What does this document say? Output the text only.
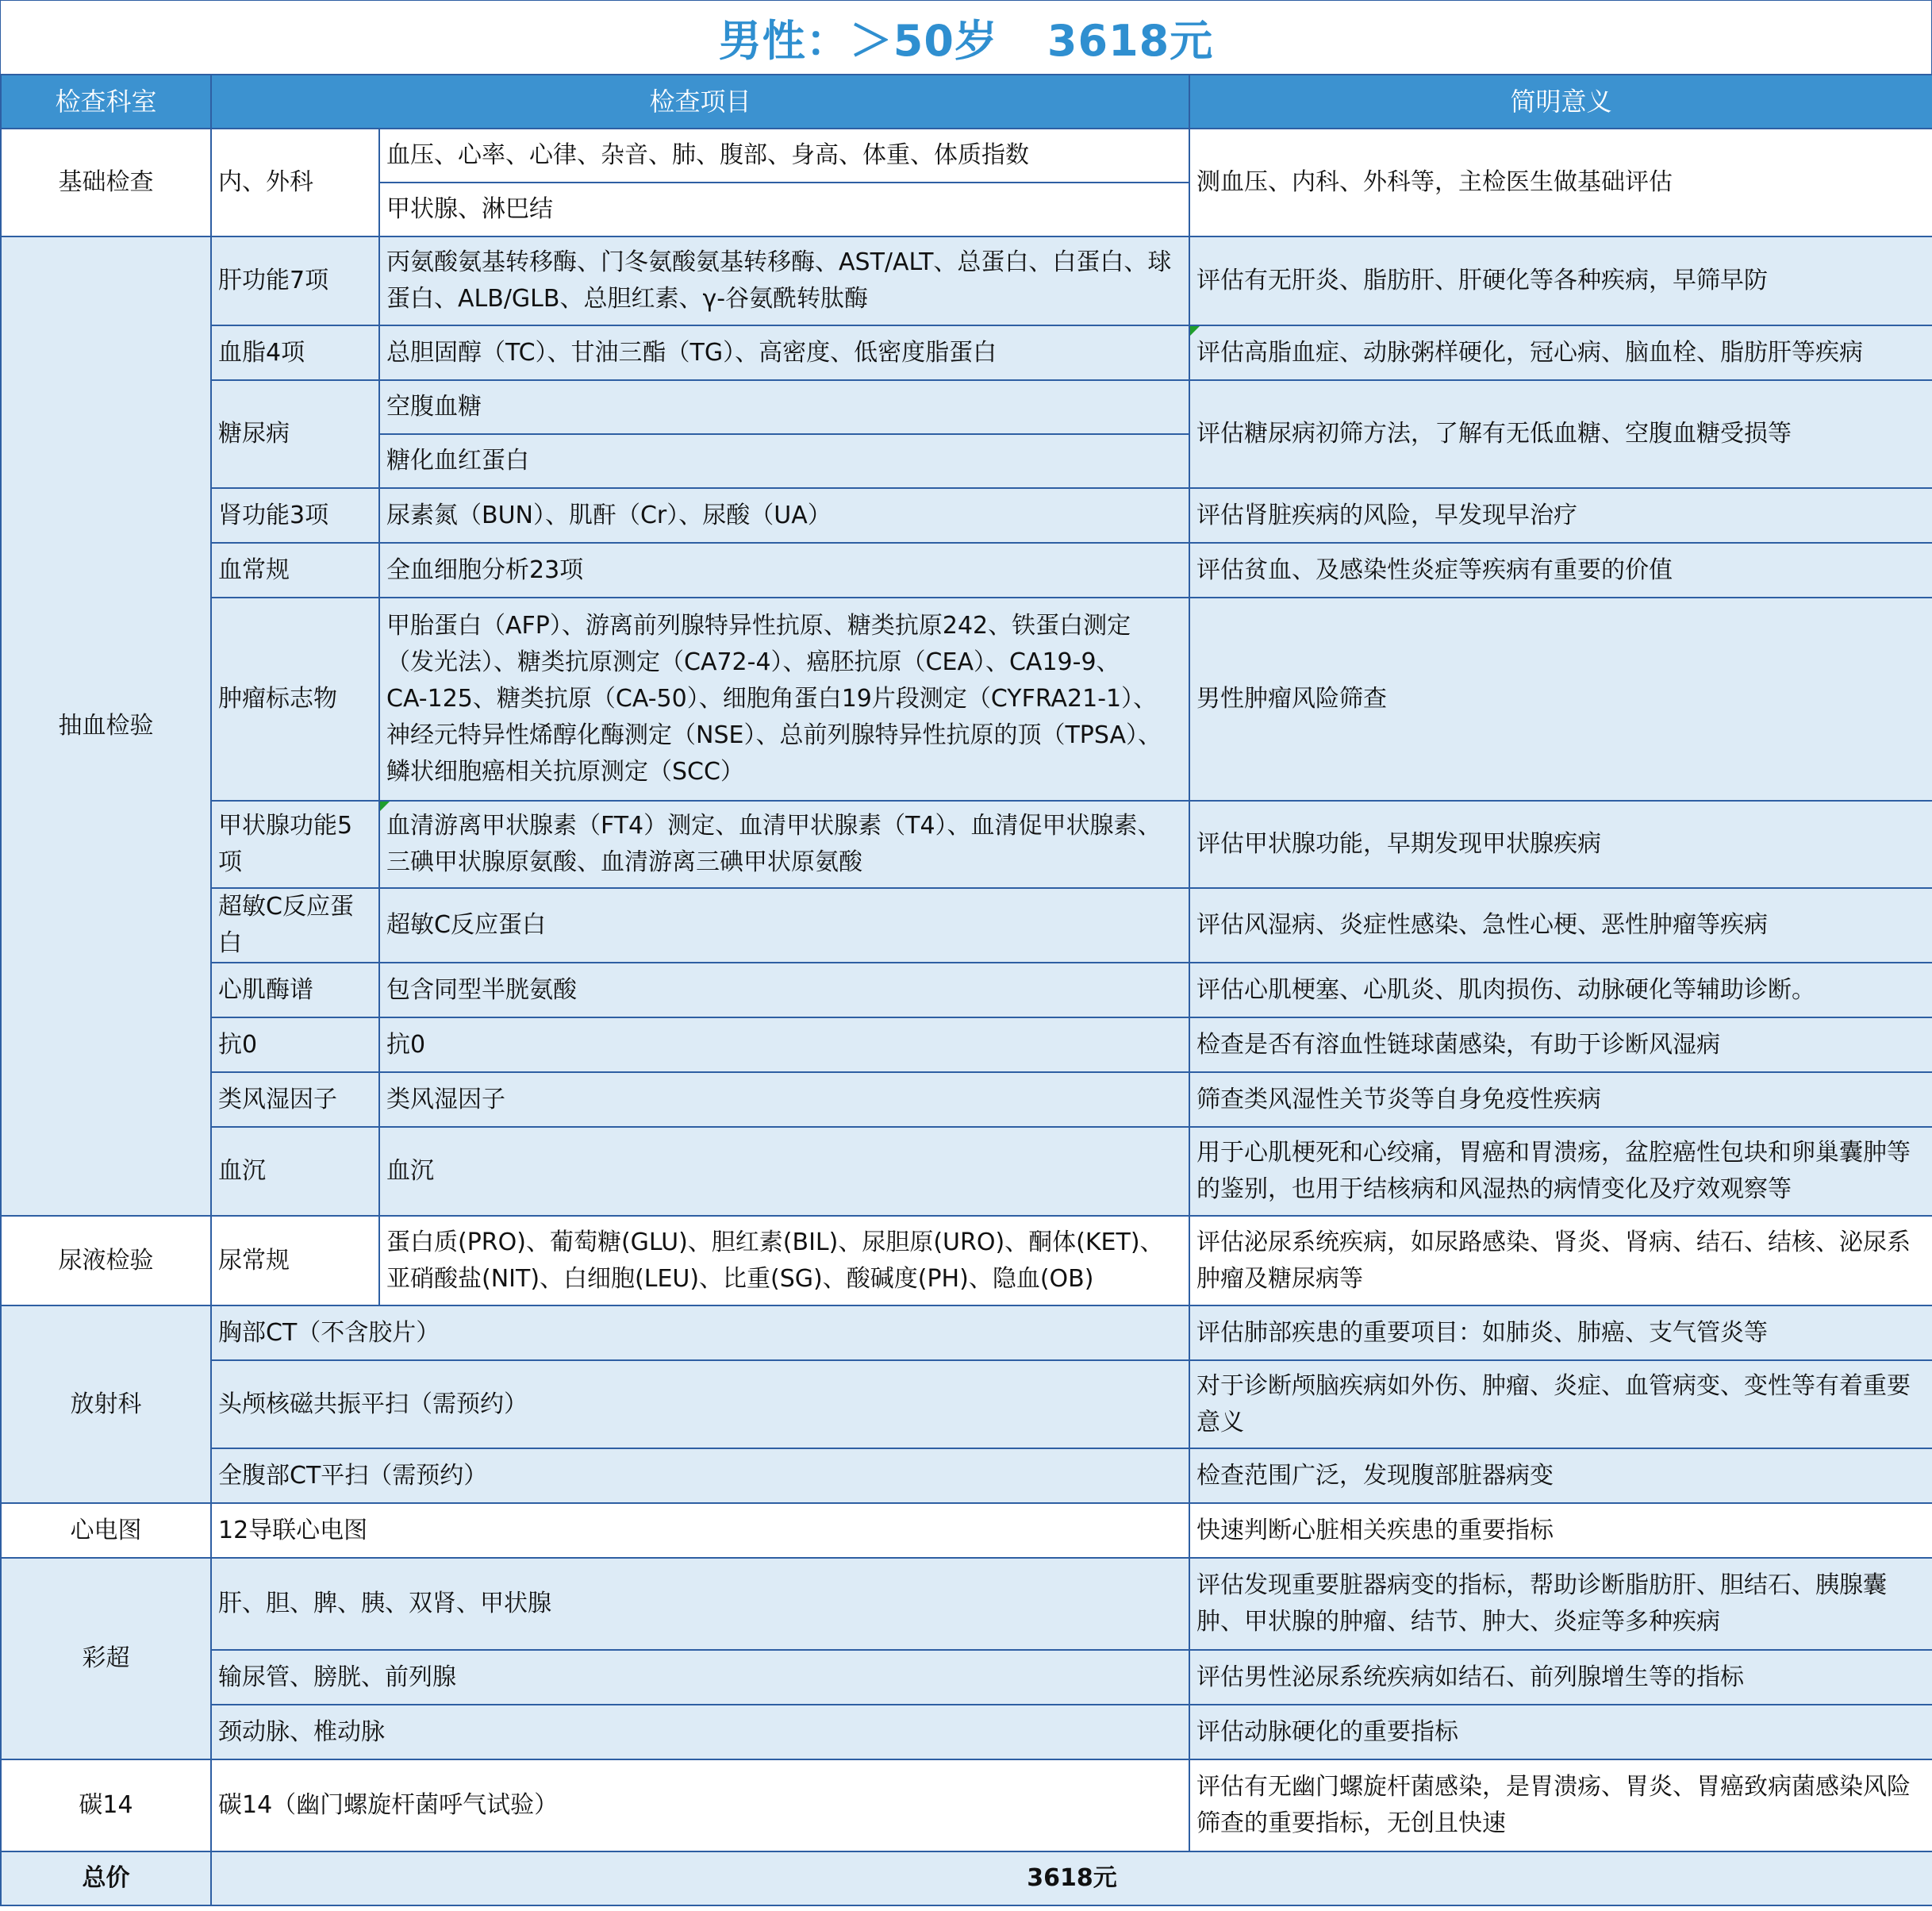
男性：＞50岁 3618元
检查科室	检查项目		简明意义
基础检查	内、外科	血压、心率、心律、杂音、肺、腹部、身高、体重、体质指数	测血压、内科、外科等，主检医生做基础评估
		甲状腺、淋巴结	
抽血检验	肝功能7项	丙氨酸氨基转移酶、门冬氨酸氨基转移酶、AST/ALT、总蛋白、白蛋白、球蛋白、ALB/GLB、总胆红素、γ-谷氨酰转肽酶	评估有无肝炎、脂肪肝、肝硬化等各种疾病，早筛早防
	血脂4项	总胆固醇（TC）、甘油三酯（TG）、高密度、低密度脂蛋白	评估高脂血症、动脉粥样硬化，冠心病、脑血栓、脂肪肝等疾病
	糖尿病	空腹血糖	评估糖尿病初筛方法，了解有无低血糖、空腹血糖受损等
		糖化血红蛋白	
	肾功能3项	尿素氮（BUN）、肌酐（Cr）、尿酸（UA）	评估肾脏疾病的风险，早发现早治疗
	血常规	全血细胞分析23项	评估贫血、及感染性炎症等疾病有重要的价值
	肿瘤标志物	甲胎蛋白（AFP）、游离前列腺特异性抗原、糖类抗原242、铁蛋白测定
（发光法）、糖类抗原测定（CA72-4）、癌胚抗原（CEA）、CA19-9、
CA-125、糖类抗原（CA-50）、细胞角蛋白19片段测定（CYFRA21-1）、
神经元特异性烯醇化酶测定（NSE）、总前列腺特异性抗原的顶（TPSA）、
鳞状细胞癌相关抗原测定（SCC）	男性肿瘤风险筛查
	甲状腺功能5项	血清游离甲状腺素（FT4）测定、血清甲状腺素（T4）、血清促甲状腺素、三碘甲状腺原氨酸、血清游离三碘甲状原氨酸	评估甲状腺功能，早期发现甲状腺疾病
	超敏C反应蛋白	超敏C反应蛋白	评估风湿病、炎症性感染、急性心梗、恶性肿瘤等疾病
	心肌酶谱	包含同型半胱氨酸	评估心肌梗塞、心肌炎、肌肉损伤、动脉硬化等辅助诊断。
	抗0	抗0	检查是否有溶血性链球菌感染，有助于诊断风湿病
	类风湿因子	类风湿因子	筛查类风湿性关节炎等自身免疫性疾病
	血沉	血沉	用于心肌梗死和心绞痛，胃癌和胃溃疡，盆腔癌性包块和卵巢囊肿等的鉴别，也用于结核病和风湿热的病情变化及疗效观察等
尿液检验	尿常规	蛋白质(PRO)、葡萄糖(GLU)、胆红素(BIL)、尿胆原(URO)、酮体(KET)、亚硝酸盐(NIT)、白细胞(LEU)、比重(SG)、酸碱度(PH)、隐血(OB)	评估泌尿系统疾病，如尿路感染、肾炎、肾病、结石、结核、泌尿系肿瘤及糖尿病等
放射科	胸部CT（不含胶片）		评估肺部疾患的重要项目：如肺炎、肺癌、支气管炎等
	头颅核磁共振平扫（需预约）		对于诊断颅脑疾病如外伤、肿瘤、炎症、血管病变、变性等有着重要意义
	全腹部CT平扫（需预约）		检查范围广泛，发现腹部脏器病变
心电图	12导联心电图		快速判断心脏相关疾患的重要指标
彩超	肝、胆、脾、胰、双肾、甲状腺		评估发现重要脏器病变的指标，帮助诊断脂肪肝、胆结石、胰腺囊肿、甲状腺的肿瘤、结节、肿大、炎症等多种疾病
	输尿管、膀胱、前列腺		评估男性泌尿系统疾病如结石、前列腺增生等的指标
	颈动脉、椎动脉		评估动脉硬化的重要指标
碳14	碳14（幽门螺旋杆菌呼气试验）		评估有无幽门螺旋杆菌感染，是胃溃疡、胃炎、胃癌致病菌感染风险筛查的重要指标，无创且快速
总价	3618元		
